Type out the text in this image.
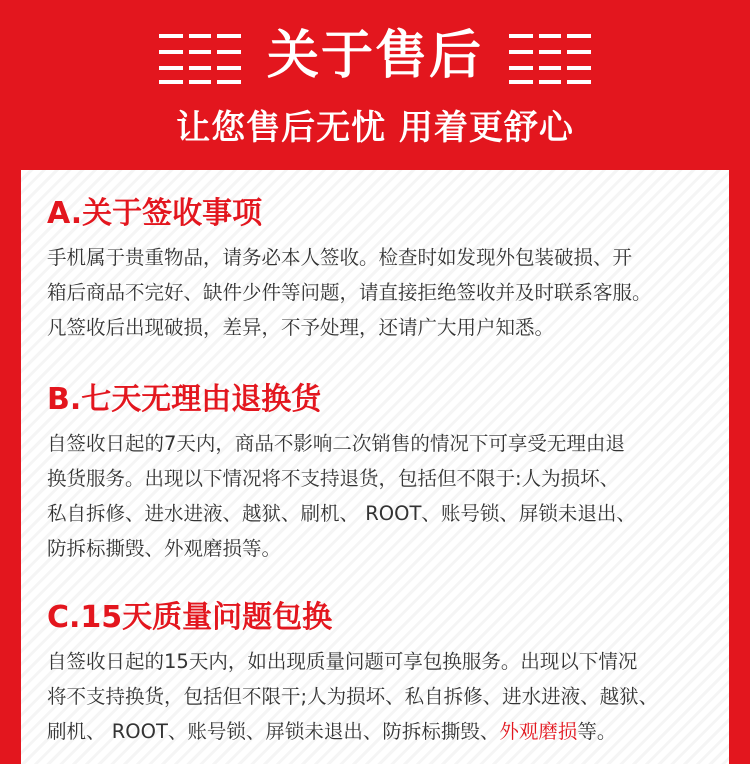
关于售后
让您售后无忧 用着更舒心
A.关于签收事项

手机属于贵重物品，请务必本人签收。检查时如发现外包装破损、开
箱后商品不完好、缺件少件等问题，请直接拒绝签收并及时联系客服。
凡签收后出现破损，差异，不予处理，还请广大用户知悉。

B.七天无理由退换货

自签收日起的7天内，商品不影响二次销售的情况下可享受无理由退
换货服务。出现以下情况将不支持退货，包括但不限于:人为损坏、
私自拆修、进水进液、越狱、刷机、 ROOT、账号锁、屏锁未退出、
防拆标撕毁、外观磨损等。

C.15天质量问题包换

自签收日起的15天内，如出现质量问题可享包换服务。出现以下情况
将不支持换货，包括但不限干;人为损坏、私自拆修、进水进液、越狱、
刷机、 ROOT、账号锁、屏锁未退出、防拆标撕毁、外观磨损等。
